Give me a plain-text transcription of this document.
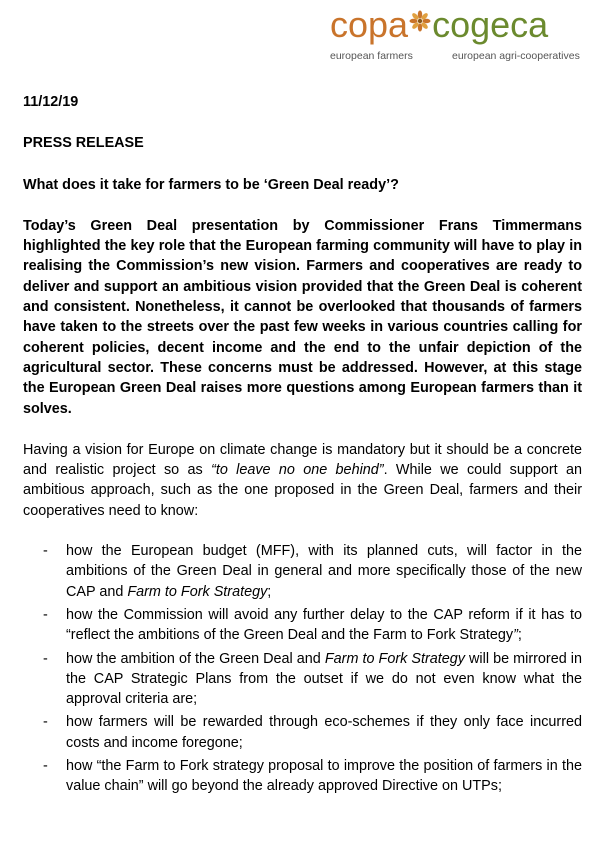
copa cogeca
european farmers	european agri-cooperatives
11/12/19
PRESS RELEASE
What does it take for farmers to be ‘Green Deal ready’?
Today’s Green Deal presentation by Commissioner Frans Timmermans highlighted the key role that the European farming community will have to play in realising the Commission’s new vision. Farmers and cooperatives are ready to deliver and support an ambitious vision provided that the Green Deal is coherent and consistent. Nonetheless, it cannot be overlooked that thousands of farmers have taken to the streets over the past few weeks in various countries calling for coherent policies, decent income and the end to the unfair depiction of the agricultural sector. These concerns must be addressed. However, at this stage the European Green Deal raises more questions among European farmers than it solves.
Having a vision for Europe on climate change is mandatory but it should be a concrete and realistic project so as “to leave no one behind”. While we could support an ambitious approach, such as the one proposed in the Green Deal, farmers and their cooperatives need to know:
- how the European budget (MFF), with its planned cuts, will factor in the ambitions of the Green Deal in general and more specifically those of the new CAP and Farm to Fork Strategy;
- how the Commission will avoid any further delay to the CAP reform if it has to “reflect the ambitions of the Green Deal and the Farm to Fork Strategy”;
- how the ambition of the Green Deal and Farm to Fork Strategy will be mirrored in the CAP Strategic Plans from the outset if we do not even know what the approval criteria are;
- how farmers will be rewarded through eco-schemes if they only face incurred costs and income foregone;
- how “the Farm to Fork strategy proposal to improve the position of farmers in the value chain” will go beyond the already approved Directive on UTPs;
